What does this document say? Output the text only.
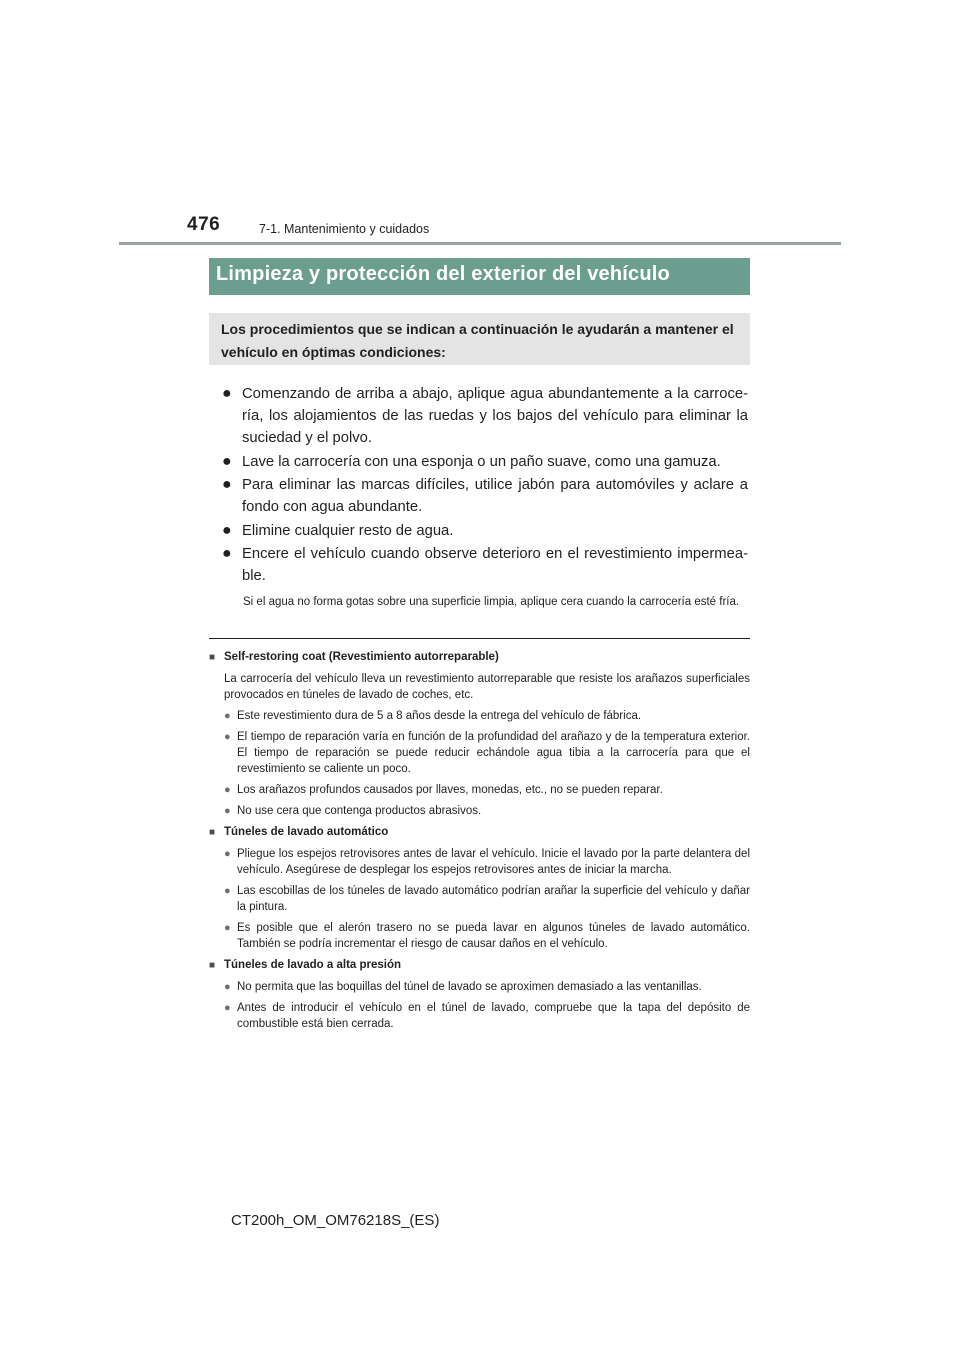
476	7-1. Mantenimiento y cuidados
Limpieza y protección del exterior del vehículo
Los procedimientos que se indican a continuación le ayudarán a mantener el vehículo en óptimas condiciones:
● Comenzando de arriba a abajo, aplique agua abundantemente a la carroce-ría, los alojamientos de las ruedas y los bajos del vehículo para eliminar la suciedad y el polvo.
● Lave la carrocería con una esponja o un paño suave, como una gamuza.
● Para eliminar las marcas difíciles, utilice jabón para automóviles y aclare a fondo con agua abundante.
● Elimine cualquier resto de agua.
● Encere el vehículo cuando observe deterioro en el revestimiento impermea-ble.
Si el agua no forma gotas sobre una superficie limpia, aplique cera cuando la carrocería esté fría.
■ Self-restoring coat (Revestimiento autorreparable)
La carrocería del vehículo lleva un revestimiento autorreparable que resiste los arañazos superficiales provocados en túneles de lavado de coches, etc.
● Este revestimiento dura de 5 a 8 años desde la entrega del vehículo de fábrica.
● El tiempo de reparación varía en función de la profundidad del arañazo y de la temperatura exterior. El tiempo de reparación se puede reducir echándole agua tibia a la carrocería para que el revestimiento se caliente un poco.
● Los arañazos profundos causados por llaves, monedas, etc., no se pueden reparar.
● No use cera que contenga productos abrasivos.
■ Túneles de lavado automático
● Pliegue los espejos retrovisores antes de lavar el vehículo. Inicie el lavado por la parte delantera del vehículo. Asegúrese de desplegar los espejos retrovisores antes de iniciar la marcha.
● Las escobillas de los túneles de lavado automático podrían arañar la superficie del vehículo y dañar la pintura.
● Es posible que el alerón trasero no se pueda lavar en algunos túneles de lavado automático. También se podría incrementar el riesgo de causar daños en el vehículo.
■ Túneles de lavado a alta presión
● No permita que las boquillas del túnel de lavado se aproximen demasiado a las ventanillas.
● Antes de introducir el vehículo en el túnel de lavado, compruebe que la tapa del depósito de combustible está bien cerrada.
CT200h_OM_OM76218S_(ES)
